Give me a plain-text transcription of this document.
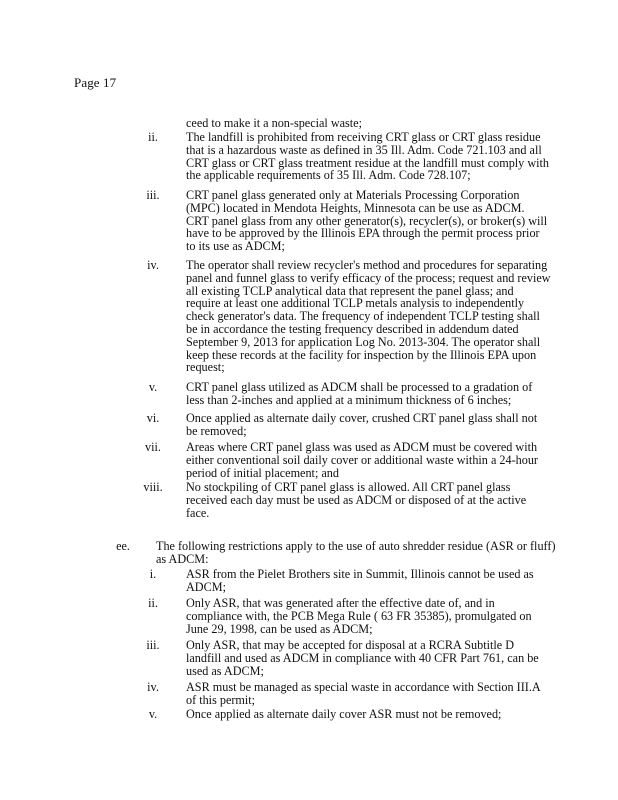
Page 17
ceed to make it a non-special waste;
ii.	The landfill is prohibited from receiving CRT glass or CRT glass residue
that is a hazardous waste as defined in 35 Ill. Adm. Code 721.103 and all
CRT glass or CRT glass treatment residue at the landfill must comply with
the applicable requirements of 35 Ill. Adm. Code 728.107;
iii. CRT panel glass generated only at Materials Processing Corporation
(MPC) located in Mendota Heights, Minnesota can be use as ADCM.
CRT panel glass from any other generator(s), recycler(s), or broker(s) will
have to be approved by the Illinois EPA through the permit process prior
to its use as ADCM;
iv.	The operator shall review recycler's method and procedures for separating
panel and funnel glass to verify efficacy of the process; request and review
all existing TCLP analytical data that represent the panel glass; and
require at least one additional TCLP metals analysis to independently
check generator's data. The frequency of independent TCLP testing shall
be in accordance the testing frequency described in addendum dated
September 9, 2013 for application Log No. 2013-304. The operator shall
keep these records at the facility for inspection by the Illinois EPA upon
request;
v.	CRT panel glass utilized as ADCM shall be processed to a gradation of
less than 2-inches and applied at a minimum thickness of 6 inches;
vi.	Once applied as alternate daily cover, crushed CRT panel glass shall not
be removed;
vii. Areas where CRT panel glass was used as ADCM must be covered with
either conventional soil daily cover or additional waste within a 24-hour
period of initial placement; and
viii. No stockpiling of CRT panel glass is allowed. All CRT panel glass
received each day must be used as ADCM or disposed of at the active
face.
ee. The following restrictions apply to the use of auto shredder residue (ASR or fluff)
as ADCM:
i.	ASR from the Pielet Brothers site in Summit, Illinois cannot be used as
ADCM;
ii.	Only ASR, that was generated after the effective date of, and in
compliance with, the PCB Mega Rule ( 63 FR 35385), promulgated on
June 29, 1998, can be used as ADCM;
iii. Only ASR, that may be accepted for disposal at a RCRA Subtitle D
landfill and used as ADCM in compliance with 40 CFR Part 761, can be
used as ADCM;
iv.	ASR must be managed as special waste in accordance with Section III.A
of this permit;
v.	Once applied as alternate daily cover ASR must not be removed;
